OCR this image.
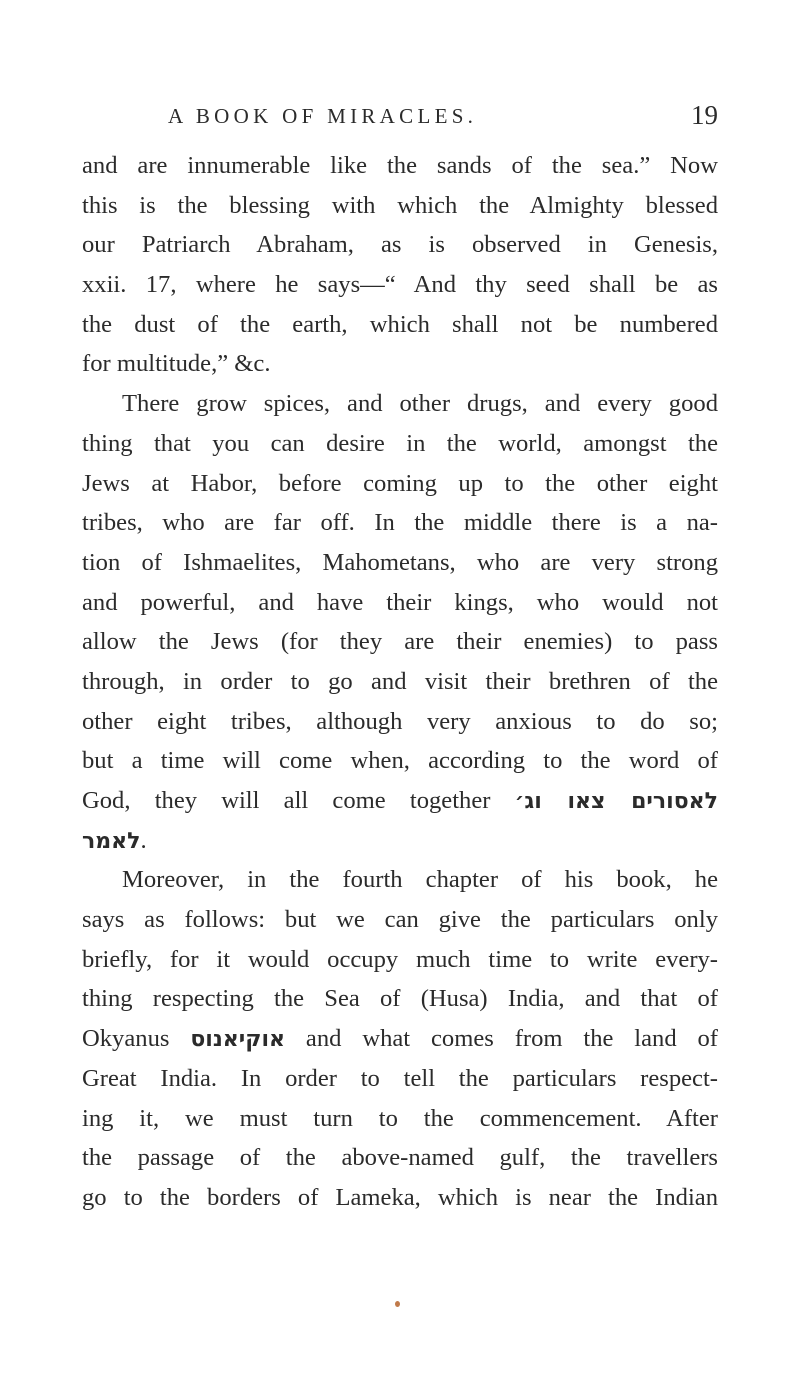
A BOOK OF MIRACLES.	19
and are innumerable like the sands of the sea.” Now
this is the blessing with which the Almighty blessed
our Patriarch Abraham, as is observed in Genesis,
xxii. 17, where he says—“ And thy seed shall be as
the dust of the earth, which shall not be numbered
for multitude,” &c.
There grow spices, and other drugs, and every good
thing that you can desire in the world, amongst the
Jews at Habor, before coming up to the other eight
tribes, who are far off. In the middle there is a na-
tion of Ishmaelites, Mahometans, who are very strong
and powerful, and have their kings, who would not
allow the Jews (for they are their enemies) to pass
through, in order to go and visit their brethren of the
other eight tribes, although very anxious to do so;
but a time will come when, according to the word of
God, they will all come together לאסורים צאו וג׳
לאמר.
Moreover, in the fourth chapter of his book, he
says as follows: but we can give the particulars only
briefly, for it would occupy much time to write every-
thing respecting the Sea of (Husa) India, and that of
Okyanus אוקיאנוס and what comes from the land of
Great India. In order to tell the particulars respect-
ing it, we must turn to the commencement. After
the passage of the above-named gulf, the travellers
go to the borders of Lameka, which is near the Indian
